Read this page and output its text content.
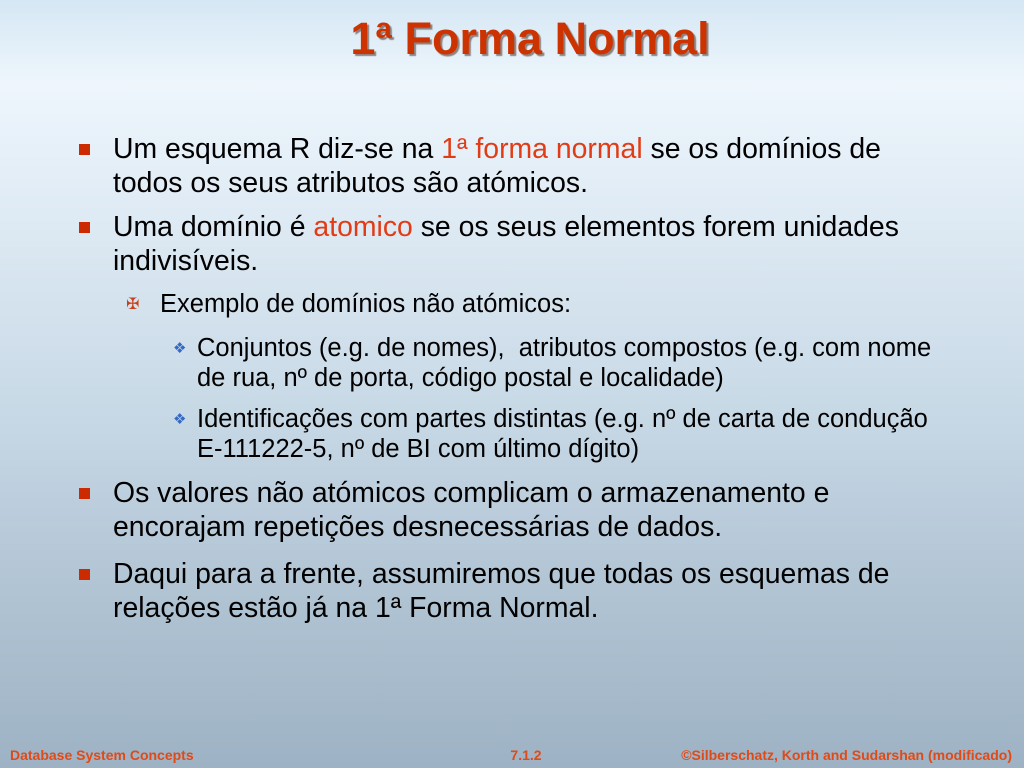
1ª Forma Normal
Um esquema R diz-se na 1ª forma normal se os domínios de todos os seus atributos são atómicos.
Uma domínio é atomico se os seus elementos forem unidades indivisíveis.
✠ Exemplo de domínios não atómicos:
❖ Conjuntos (e.g. de nomes),  atributos compostos (e.g. com nome de rua, nº de porta, código postal e localidade)
❖ Identificações com partes distintas (e.g. nº de carta de condução E-111222-5, nº de BI com último dígito)
Os valores não atómicos complicam o armazenamento e encorajam repetições desnecessárias de dados.
Daqui para a frente, assumiremos que todas os esquemas de relações estão já na 1ª Forma Normal.
Database System Concepts	7.1.2	©Silberschatz, Korth and Sudarshan (modificado)
